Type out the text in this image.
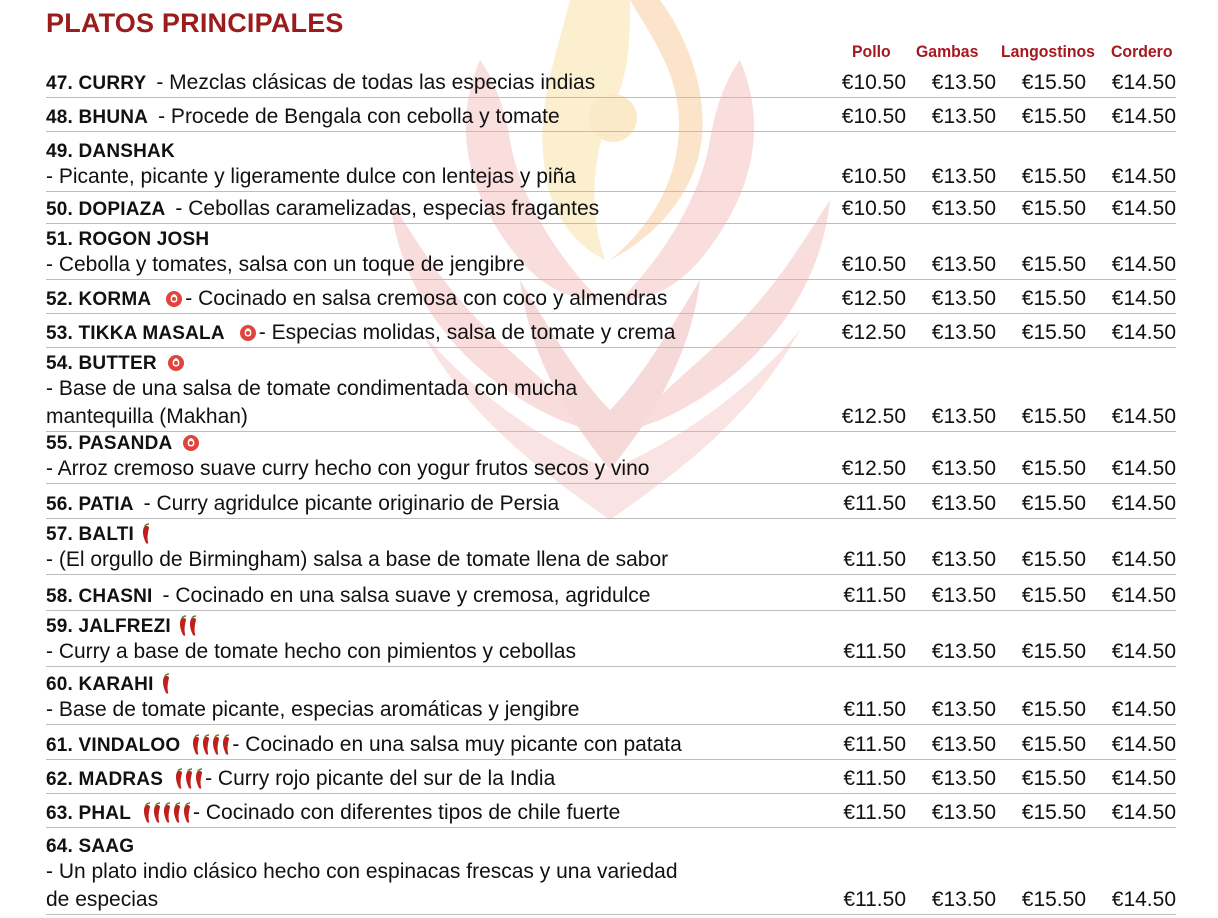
PLATOS PRINCIPALES
Pollo Gambas Langostinos Cordero
47. CURRY - Mezclas clásicas de todas las especias indias	€10.50	€13.50	€15.50	€14.50
48. BHUNA - Procede de Bengala con cebolla y tomate	€10.50	€13.50	€15.50	€14.50
49. DANSHAK
- Picante, picante y ligeramente dulce con lentejas y piña	€10.50	€13.50	€15.50	€14.50
50. DOPIAZA - Cebollas caramelizadas, especias fragantes	€10.50	€13.50	€15.50	€14.50
51. ROGON JOSH
- Cebolla y tomates, salsa con un toque de jengibre	€10.50	€13.50	€15.50	€14.50
52. KORMA - Cocinado en salsa cremosa con coco y almendras	€12.50	€13.50	€15.50	€14.50
53. TIKKA MASALA - Especias molidas, salsa de tomate y crema	€12.50	€13.50	€15.50	€14.50
54. BUTTER
- Base de una salsa de tomate condimentada con mucha
mantequilla (Makhan)	€12.50	€13.50	€15.50	€14.50
55. PASANDA
- Arroz cremoso suave curry hecho con yogur frutos secos y vino	€12.50	€13.50	€15.50	€14.50
56. PATIA - Curry agridulce picante originario de Persia	€11.50	€13.50	€15.50	€14.50
57. BALTI
- (El orgullo de Birmingham) salsa a base de tomate llena de sabor	€11.50	€13.50	€15.50	€14.50
58. CHASNI - Cocinado en una salsa suave y cremosa, agridulce	€11.50	€13.50	€15.50	€14.50
59. JALFREZI
- Curry a base de tomate hecho con pimientos y cebollas	€11.50	€13.50	€15.50	€14.50
60. KARAHI
- Base de tomate picante, especias aromáticas y jengibre	€11.50	€13.50	€15.50	€14.50
61. VINDALOO - Cocinado en una salsa muy picante con patata	€11.50	€13.50	€15.50	€14.50
62. MADRAS - Curry rojo picante del sur de la India	€11.50	€13.50	€15.50	€14.50
63. PHAL	- Cocinado con diferentes tipos de chile fuerte	€11.50	€13.50	€15.50	€14.50
64. SAAG
- Un plato indio clásico hecho con espinacas frescas y una variedad
de especias	€11.50	€13.50	€15.50	€14.50
